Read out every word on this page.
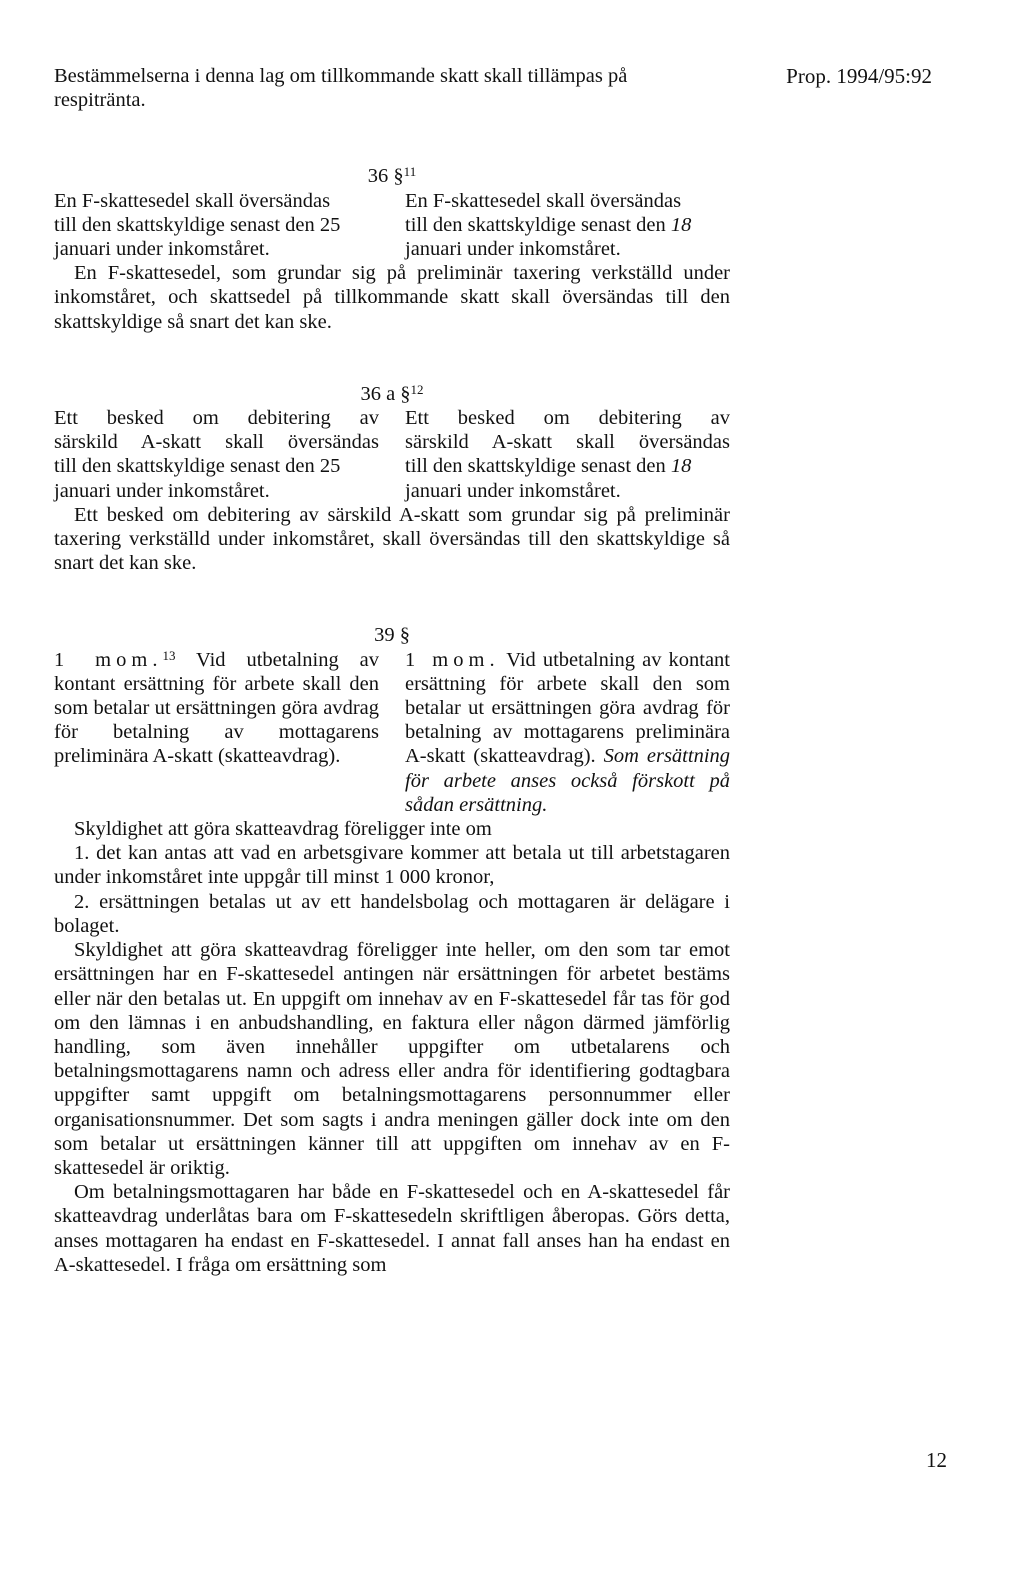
Prop. 1994/95:92
Bestämmelserna i denna lag om tillkommande skatt skall tillämpas på
respitränta.

36 §$^{11}$

En F-skattesedel skall översändas

till den skattskyldige senast den 25

januari under inkomståret.

En F-skattesedel skall översändas

till den skattskyldige senast den 18

januari under inkomståret.

En F-skattesedel, som grundar sig på preliminär taxering verkställd under inkomståret, och skattsedel på tillkommande skatt skall översändas till den skattskyldige så snart det kan ske.

36 a §$^{12}$

Ett besked om debitering av

särskild A-skatt skall översändas

till den skattskyldige senast den 25

januari under inkomståret.

Ett besked om debitering av

särskild A-skatt skall översändas

till den skattskyldige senast den 18

januari under inkomståret.

Ett besked om debitering av särskild A-skatt som grundar sig på preliminär taxering verkställd under inkomståret, skall översändas till den skattskyldige så snart det kan ske.

39 §

1 mom.$^{13}$ Vid utbetalning av kontant ersättning för arbete skall den som betalar ut ersättningen göra avdrag för betalning av mottagarens preliminära A-skatt (skatteavdrag).

1 mom. Vid utbetalning av kontant ersättning för arbete skall den som betalar ut ersättningen göra avdrag för betalning av mottagarens preliminära A-skatt (skatteavdrag). Som ersättning för arbete anses också förskott på sådan ersättning.

Skyldighet att göra skatteavdrag föreligger inte om

1. det kan antas att vad en arbetsgivare kommer att betala ut till arbetstagaren under inkomståret inte uppgår till minst 1 000 kronor,

2. ersättningen betalas ut av ett handelsbolag och mottagaren är delägare i bolaget.

Skyldighet att göra skatteavdrag föreligger inte heller, om den som tar emot ersättningen har en F-skattesedel antingen när ersättningen för arbetet bestäms eller när den betalas ut. En uppgift om innehav av en F-skattesedel får tas för god om den lämnas i en anbudshandling, en faktura eller någon därmed jämförlig handling, som även innehåller uppgifter om utbetalarens och betalningsmottagarens namn och adress eller andra för identifiering godtagbara uppgifter samt uppgift om betalningsmottagarens personnummer eller organisationsnummer. Det som sagts i andra meningen gäller dock inte om den som betalar ut ersättningen känner till att uppgiften om innehav av en F-skattesedel är oriktig.

Om betalningsmottagaren har både en F-skattesedel och en A-skattesedel får skatteavdrag underlåtas bara om F-skattesedeln skriftligen åberopas. Görs detta, anses mottagaren ha endast en F-skattesedel. I annat fall anses han ha endast en A-skattesedel. I fråga om ersättning som

12
